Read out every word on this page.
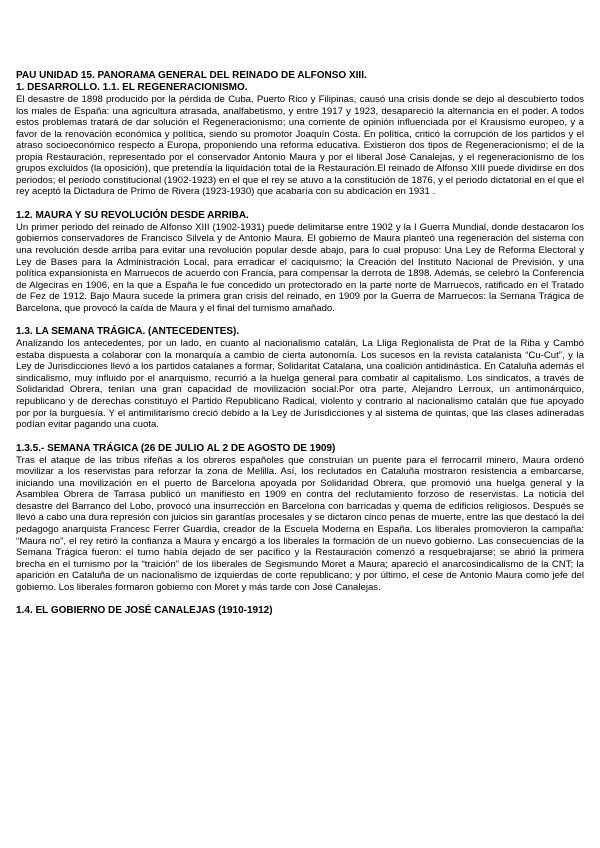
PAU UNIDAD 15. PANORAMA GENERAL DEL REINADO DE ALFONSO XIII.

1. DESARROLLO. 1.1. EL REGENERACIONISMO.

El desastre de 1898 producido por la pérdida de Cuba, Puerto Rico y Filipinas, causó una crisis donde se dejo al descubierto todos los males de España: una agricultura atrasada, analfabetismo, y entre 1917 y 1923, desapareció la alternancia en el poder. A todos estos problemas tratará de dar solución el Regeneracionismo; una corriente de opinión influenciada por el Krausismo europeo, y a favor de la renovación económica y política, siendo su promotor Joaquín Costa. En política, criticó la corrupción de los partidos y el atraso socioeconómico respecto a Europa, proponiendo una reforma educativa. Existieron dos tipos de Regeneracionismo; el de la propia Restauración, representado por el conservador Antonio Maura y por el liberal José Canalejas, y el regeneracionismo de los grupos excluidos (la oposición), que pretendía la liquidación total de la Restauración.El reinado de Alfonso XIII puede dividirse en dos periodos; el periodo constitucional (1902-1923) en el que el rey se atuvo a la constitución de 1876, y el periodo dictatorial en el que el rey aceptó la Dictadura de Primo de Rivera (1923-1930) que acabaría con su abdicación en 1931 .

1.2. MAURA Y SU REVOLUCIÓN DESDE ARRIBA.

Un primer periodo del reinado de Alfonso XIII (1902-1931) puede delimitarse entre 1902 y la I Guerra Mundial, donde destacaron los gobiernos conservadores de Francisco Silvela y de Antonio Maura. El gobierno de Maura planteó una regeneración del sistema con una revolución desde arriba para evitar una revolución popular desde abajo, para lo cual propuso: Una Ley de Reforma Electoral y Ley de Bases para la Administración Local, para erradicar el caciquismo; la Creación del Instituto Nacional de Previsión, y una política expansionista en Marruecos de acuerdo con Francia, para compensar la derrota de 1898. Además, se celebró la Conferencia de Algeciras en 1906, en la que a España le fue concedido un protectorado en la parte norte de Marruecos, ratificado en el Tratado de Fez de 1912. Bajo Maura sucede la primera gran crisis del reinado, en 1909 por la Guerra de Marruecos: la Semana Trágica de Barcelona, que provocó la caída de Maura y el final del turnismo amañado.

1.3. LA SEMANA TRÁGICA. (ANTECEDENTES).

Analizando los antecedentes, por un lado, en cuanto al nacionalismo catalán, La Lliga Regionalista de Prat de la Riba y Cambó estaba dispuesta a colaborar con la monarquía a cambio de cierta autonomía. Los sucesos en la revista catalanista “Cu-Cut”, y la Ley de Jurisdicciones llevó a los partidos catalanes a formar, Solidaritat Catalana, una coalición antidinástica. En Cataluña además el sindicalismo, muy influido por el anarquismo, recurrió a la huelga general para combatir al capitalismo. Los sindicatos, a través de Solidaridad Obrera, tenían una gran capacidad de movilización social.Por otra parte, Alejandro Lerroux, un antimonárquico, republicano y de derechas constituyó el Partido Republicano Radical, violento y contrario al nacionalismo catalán que fue apoyado por por la burguesía. Y el antimilitarismo creció debido a la Ley de Jurisdicciones y al sistema de quintas, que las clases adineradas podían evitar pagando una cuota.

1.3.5.- SEMANA TRÁGICA (26 DE JULIO AL 2 DE AGOSTO DE 1909)

Tras el ataque de las tribus rifeñas a los obreros españoles que construían un puente para el ferrocarril minero, Maura ordenó movilizar a los reservistas para reforzar la zona de Melilla. Así, los reclutados en Cataluña mostraron resistencia a embarcarse, iniciando una movilización en el puerto de Barcelona apoyada por Solidaridad Obrera, que promovió una huelga general y la Asamblea Obrera de Tarrasa publicó un manifiesto en 1909 en contra del reclutamiento forzoso de reservistas. La noticia del desastre del Barranco del Lobo, provocó una insurrección en Barcelona con barricadas y quema de edificios religiosos. Después se llevó a cabo una dura represión con juicios sin garantías procesales y se dictaron cinco penas de muerte, entre las que destacó la del pedagogo anarquista Francesc Ferrer Guardia, creador de la Escuela Moderna en España. Los liberales promovieron la campaña: “Maura no”, el rey retiró la confianza a Maura y encargó a los liberales la formación de un nuevo gobierno. Las consecuencias de la Semana Trágica fueron: el turno había dejado de ser pacífico y la Restauración comenzó a resquebrajarse; se abrió la primera brecha en el turnismo por la “traición” de los liberales de Segismundo Moret a Maura; apareció el anarcosindicalismo de la CNT; la aparición en Cataluña de un nacionalismo de izquierdas de corte republicano; y por último, el cese de Antonio Maura como jefe del gobierno. Los liberales formaron gobierno con Moret y más tarde con José Canalejas.

1.4. EL GOBIERNO DE JOSÉ CANALEJAS (1910-1912)
